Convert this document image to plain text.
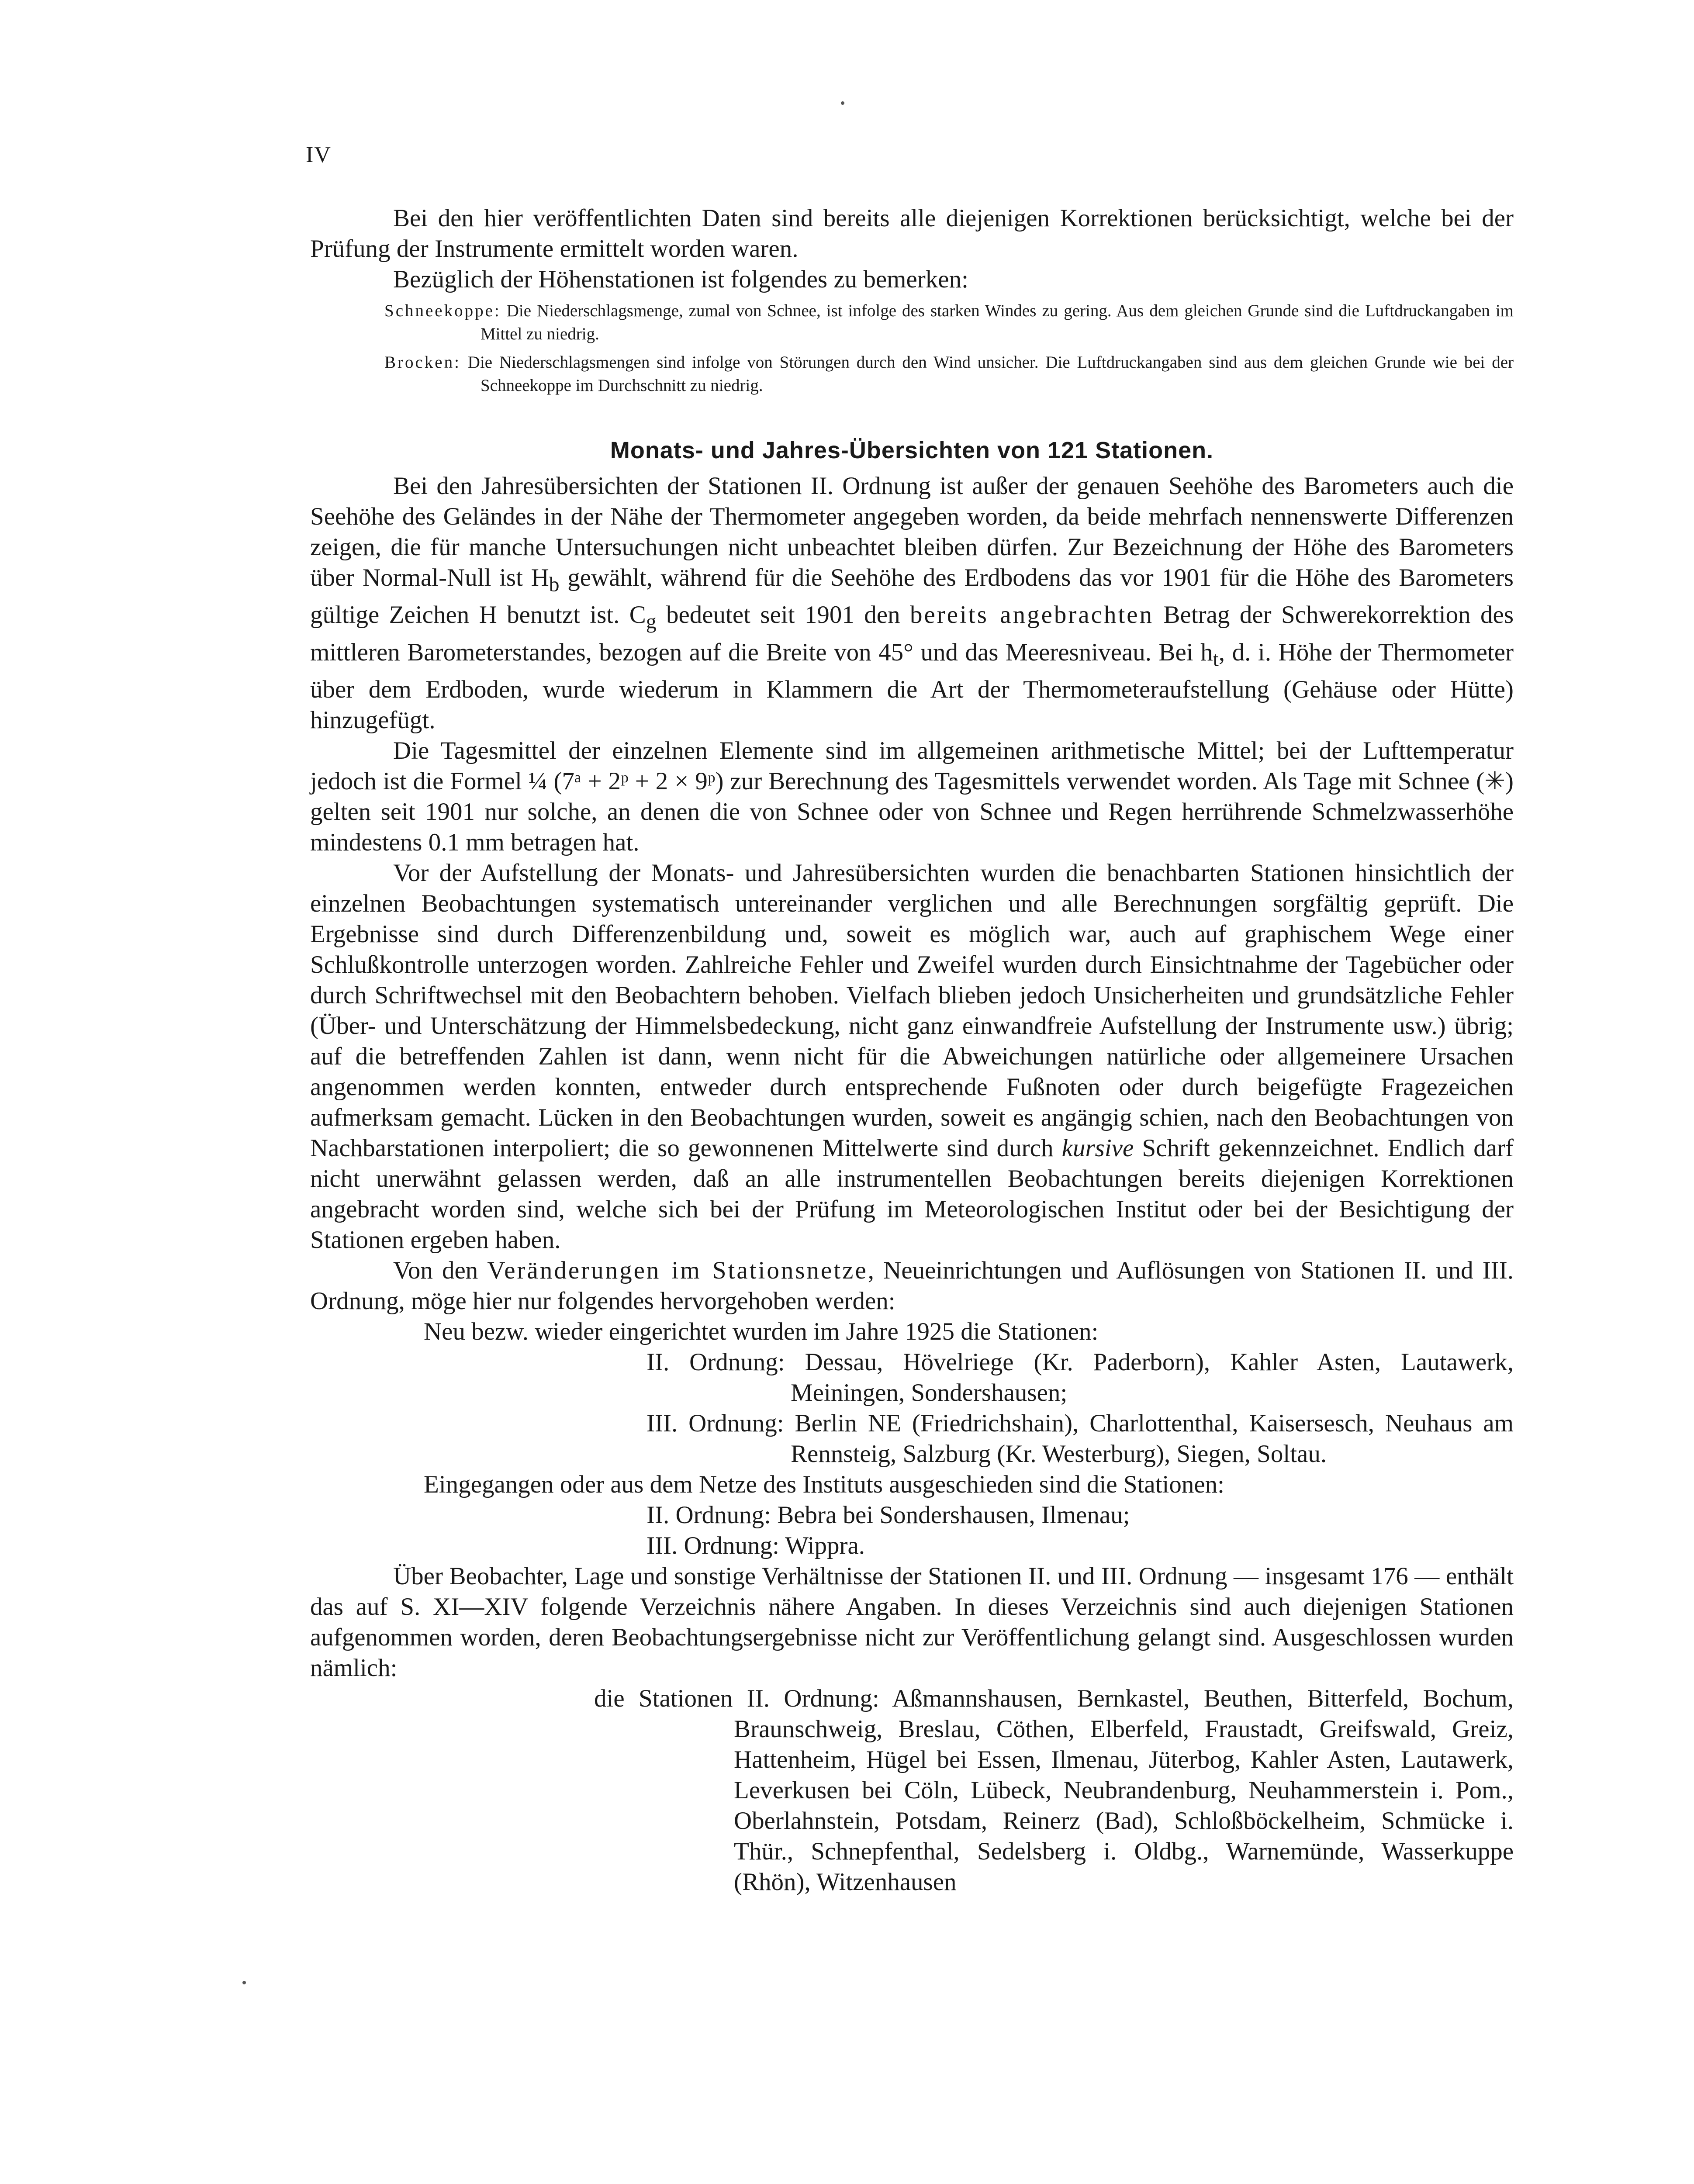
IV

Bei den hier veröffentlichten Daten sind bereits alle diejenigen Korrektionen berücksichtigt, welche bei der Prüfung der Instrumente ermittelt worden waren.

Bezüglich der Höhenstationen ist folgendes zu bemerken:

Schneekoppe: Die Niederschlagsmenge, zumal von Schnee, ist infolge des starken Windes zu gering. Aus dem gleichen Grunde sind die Luftdruckangaben im Mittel zu niedrig.

Brocken: Die Niederschlagsmengen sind infolge von Störungen durch den Wind unsicher. Die Luftdruckangaben sind aus dem gleichen Grunde wie bei der Schneekoppe im Durchschnitt zu niedrig.

Monats- und Jahres-Übersichten von 121 Stationen.

Bei den Jahresübersichten der Stationen II. Ordnung ist außer der genauen Seehöhe des Barometers auch die Seehöhe des Geländes in der Nähe der Thermometer angegeben worden, da beide mehrfach nennenswerte Differenzen zeigen, die für manche Untersuchungen nicht unbeachtet bleiben dürfen. Zur Bezeichnung der Höhe des Barometers über Normal-Null ist $H_b$ gewählt, während für die Seehöhe des Erdbodens das vor 1901 für die Höhe des Barometers gültige Zeichen H benutzt ist. $C_g$ bedeutet seit 1901 den bereits angebrachten Betrag der Schwerekorrektion des mittleren Barometerstandes, bezogen auf die Breite von 45° und das Meeresniveau. Bei $h_t$, d. i. Höhe der Thermometer über dem Erdboden, wurde wiederum in Klammern die Art der Thermometeraufstellung (Gehäuse oder Hütte) hinzugefügt.

Die Tagesmittel der einzelnen Elemente sind im allgemeinen arithmetische Mittel; bei der Lufttemperatur jedoch ist die Formel ¼ (7ᵃ + 2ᵖ + 2 × 9ᵖ) zur Berechnung des Tagesmittels verwendet worden. Als Tage mit Schnee (✳) gelten seit 1901 nur solche, an denen die von Schnee oder von Schnee und Regen herrührende Schmelzwasserhöhe mindestens 0.1 mm betragen hat.

Vor der Aufstellung der Monats- und Jahresübersichten wurden die benachbarten Stationen hinsichtlich der einzelnen Beobachtungen systematisch untereinander verglichen und alle Berechnungen sorgfältig geprüft. Die Ergebnisse sind durch Differenzenbildung und, soweit es möglich war, auch auf graphischem Wege einer Schlußkontrolle unterzogen worden. Zahlreiche Fehler und Zweifel wurden durch Einsichtnahme der Tagebücher oder durch Schriftwechsel mit den Beobachtern behoben. Vielfach blieben jedoch Unsicherheiten und grundsätzliche Fehler (Über- und Unterschätzung der Himmelsbedeckung, nicht ganz einwandfreie Aufstellung der Instrumente usw.) übrig; auf die betreffenden Zahlen ist dann, wenn nicht für die Abweichungen natürliche oder allgemeinere Ursachen angenommen werden konnten, entweder durch entsprechende Fußnoten oder durch beigefügte Fragezeichen aufmerksam gemacht. Lücken in den Beobachtungen wurden, soweit es angängig schien, nach den Beobachtungen von Nachbarstationen interpoliert; die so gewonnenen Mittelwerte sind durch kursive Schrift gekennzeichnet. Endlich darf nicht unerwähnt gelassen werden, daß an alle instrumentellen Beobachtungen bereits diejenigen Korrektionen angebracht worden sind, welche sich bei der Prüfung im Meteorologischen Institut oder bei der Besichtigung der Stationen ergeben haben.

Von den Veränderungen im Stationsnetze, Neueinrichtungen und Auflösungen von Stationen II. und III. Ordnung, möge hier nur folgendes hervorgehoben werden:

Neu bezw. wieder eingerichtet wurden im Jahre 1925 die Stationen:

II. Ordnung: Dessau, Hövelriege (Kr. Paderborn), Kahler Asten, Lautawerk, Meiningen, Sondershausen;

III. Ordnung: Berlin NE (Friedrichshain), Charlottenthal, Kaisersesch, Neuhaus am Rennsteig, Salzburg (Kr. Westerburg), Siegen, Soltau.

Eingegangen oder aus dem Netze des Instituts ausgeschieden sind die Stationen:

II. Ordnung: Bebra bei Sondershausen, Ilmenau;

III. Ordnung: Wippra.

Über Beobachter, Lage und sonstige Verhältnisse der Stationen II. und III. Ordnung — insgesamt 176 — enthält das auf S. XI—XIV folgende Verzeichnis nähere Angaben. In dieses Verzeichnis sind auch diejenigen Stationen aufgenommen worden, deren Beobachtungsergebnisse nicht zur Veröffentlichung gelangt sind. Ausgeschlossen wurden nämlich:

die Stationen II. Ordnung: Aßmannshausen, Bernkastel, Beuthen, Bitterfeld, Bochum, Braunschweig, Breslau, Cöthen, Elberfeld, Fraustadt, Greifswald, Greiz, Hattenheim, Hügel bei Essen, Ilmenau, Jüterbog, Kahler Asten, Lautawerk, Leverkusen bei Cöln, Lübeck, Neubrandenburg, Neuhammerstein i. Pom., Oberlahnstein, Potsdam, Reinerz (Bad), Schloßböckelheim, Schmücke i. Thür., Schnepfenthal, Sedelsberg i. Oldbg., Warnemünde, Wasserkuppe (Rhön), Witzenhausen
